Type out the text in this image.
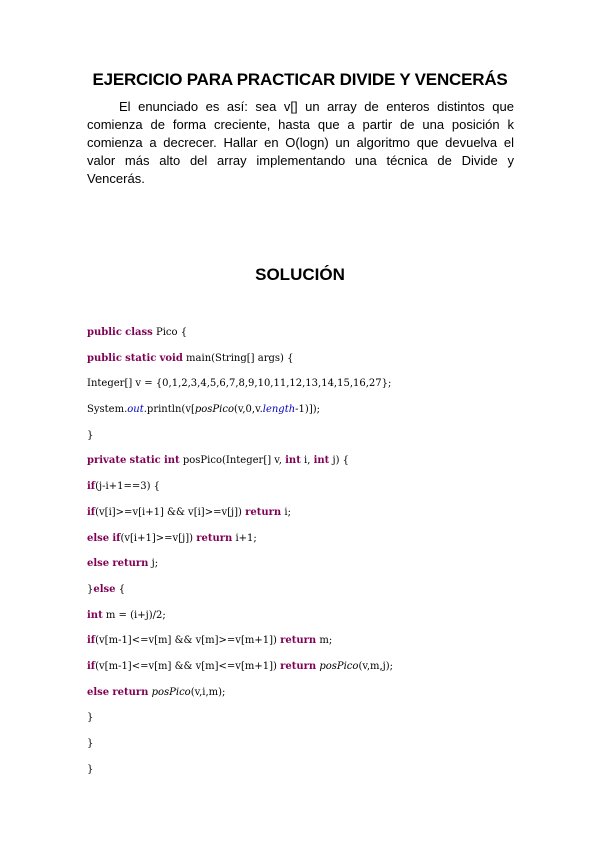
EJERCICIO PARA PRACTICAR DIVIDE Y VENCERÁS
El enunciado es así: sea v[] un array de enteros distintos que comienza de forma creciente, hasta que a partir de una posición k comienza a decrecer. Hallar en O(logn) un algoritmo que devuelva el valor más alto del array implementando una técnica de Divide y Vencerás.
SOLUCIÓN
public class Pico {
public static void main(String[] args) {
Integer[] v = {0,1,2,3,4,5,6,7,8,9,10,11,12,13,14,15,16,27};
System.out.println(v[posPico(v,0,v.length-1)]);
}
private static int posPico(Integer[] v, int i, int j) {
if(j-i+1==3) {
if(v[i]>=v[i+1] && v[i]>=v[j]) return i;
else if(v[i+1]>=v[j]) return i+1;
else return j;
}else {
int m = (i+j)/2;
if(v[m-1]<=v[m] && v[m]>=v[m+1]) return m;
if(v[m-1]<=v[m] && v[m]<=v[m+1]) return posPico(v,m,j);
else return posPico(v,i,m);
}
}
}
